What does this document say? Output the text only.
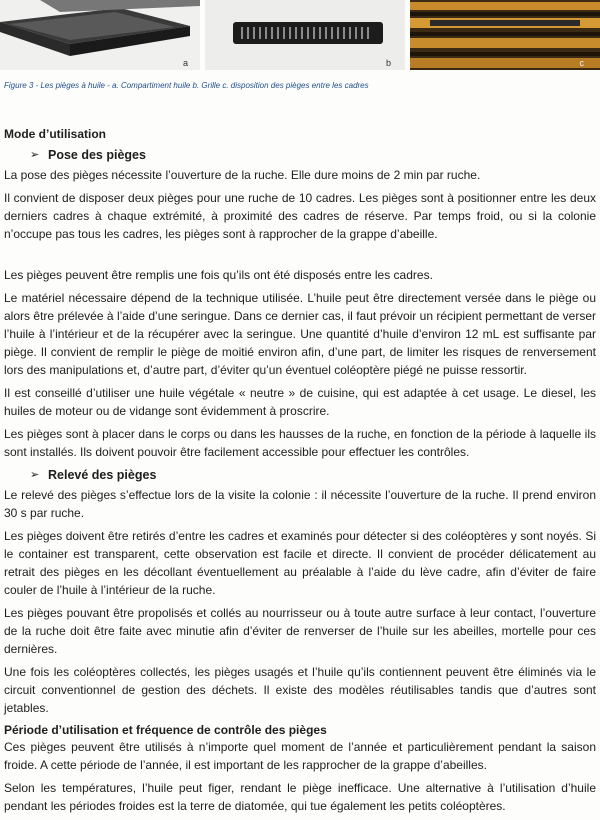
a	b	c
Figure 3 - Les pièges à huile - a. Compartiment huile b. Grille c. disposition des pièges entre les cadres
Mode d’utilisation
➢ Pose des pièges

La pose des pièges nécessite l’ouverture de la ruche. Elle dure moins de 2 min par ruche.

Il convient de disposer deux pièges pour une ruche de 10 cadres. Les pièges sont à positionner entre les deux derniers cadres à chaque extrémité, à proximité des cadres de réserve. Par temps froid, ou si la colonie n’occupe pas tous les cadres, les pièges sont à rapprocher de la grappe d’abeille.

Les pièges peuvent être remplis une fois qu’ils ont été disposés entre les cadres.

Le matériel nécessaire dépend de la technique utilisée. L’huile peut être directement versée dans le piège ou alors être prélevée à l’aide d’une seringue. Dans ce dernier cas, il faut prévoir un récipient permettant de verser l’huile à l’intérieur et de la récupérer avec la seringue. Une quantité d’huile d’environ 12 mL est suffisante par piège. Il convient de remplir le piège de moitié environ afin, d’une part, de limiter les risques de renversement lors des manipulations et, d’autre part, d’éviter qu’un éventuel coléoptère piégé ne puisse ressortir.

Il est conseillé d’utiliser une huile végétale « neutre » de cuisine, qui est adaptée à cet usage. Le diesel, les huiles de moteur ou de vidange sont évidemment à proscrire.

Les pièges sont à placer dans le corps ou dans les hausses de la ruche, en fonction de la période à laquelle ils sont installés. Ils doivent pouvoir être facilement accessible pour effectuer les contrôles.

➢ Relevé des pièges

Le relevé des pièges s’effectue lors de la visite la colonie : il nécessite l’ouverture de la ruche. Il prend environ 30 s par ruche.

Les pièges doivent être retirés d’entre les cadres et examinés pour détecter si des coléoptères y sont noyés. Si le container est transparent, cette observation est facile et directe. Il convient de procéder délicatement au retrait des pièges en les décollant éventuellement au préalable à l’aide du lève cadre, afin d’éviter de faire couler de l’huile à l’intérieur de la ruche.

Les pièges pouvant être propolisés et collés au nourrisseur ou à toute autre surface à leur contact, l’ouverture de la ruche doit être faite avec minutie afin d’éviter de renverser de l’huile sur les abeilles, mortelle pour ces dernières.

Une fois les coléoptères collectés, les pièges usagés et l’huile qu’ils contiennent peuvent être éliminés via le circuit conventionnel de gestion des déchets. Il existe des modèles réutilisables tandis que d’autres sont jetables.

Période d’utilisation et fréquence de contrôle des pièges

Ces pièges peuvent être utilisés à n’importe quel moment de l’année et particulièrement pendant la saison froide. A cette période de l’année, il est important de les rapprocher de la grappe d’abeilles.

Selon les températures, l’huile peut figer, rendant le piège inefficace. Une alternative à l’utilisation d’huile pendant les périodes froides est la terre de diatomée, qui tue également les petits coléoptères.
